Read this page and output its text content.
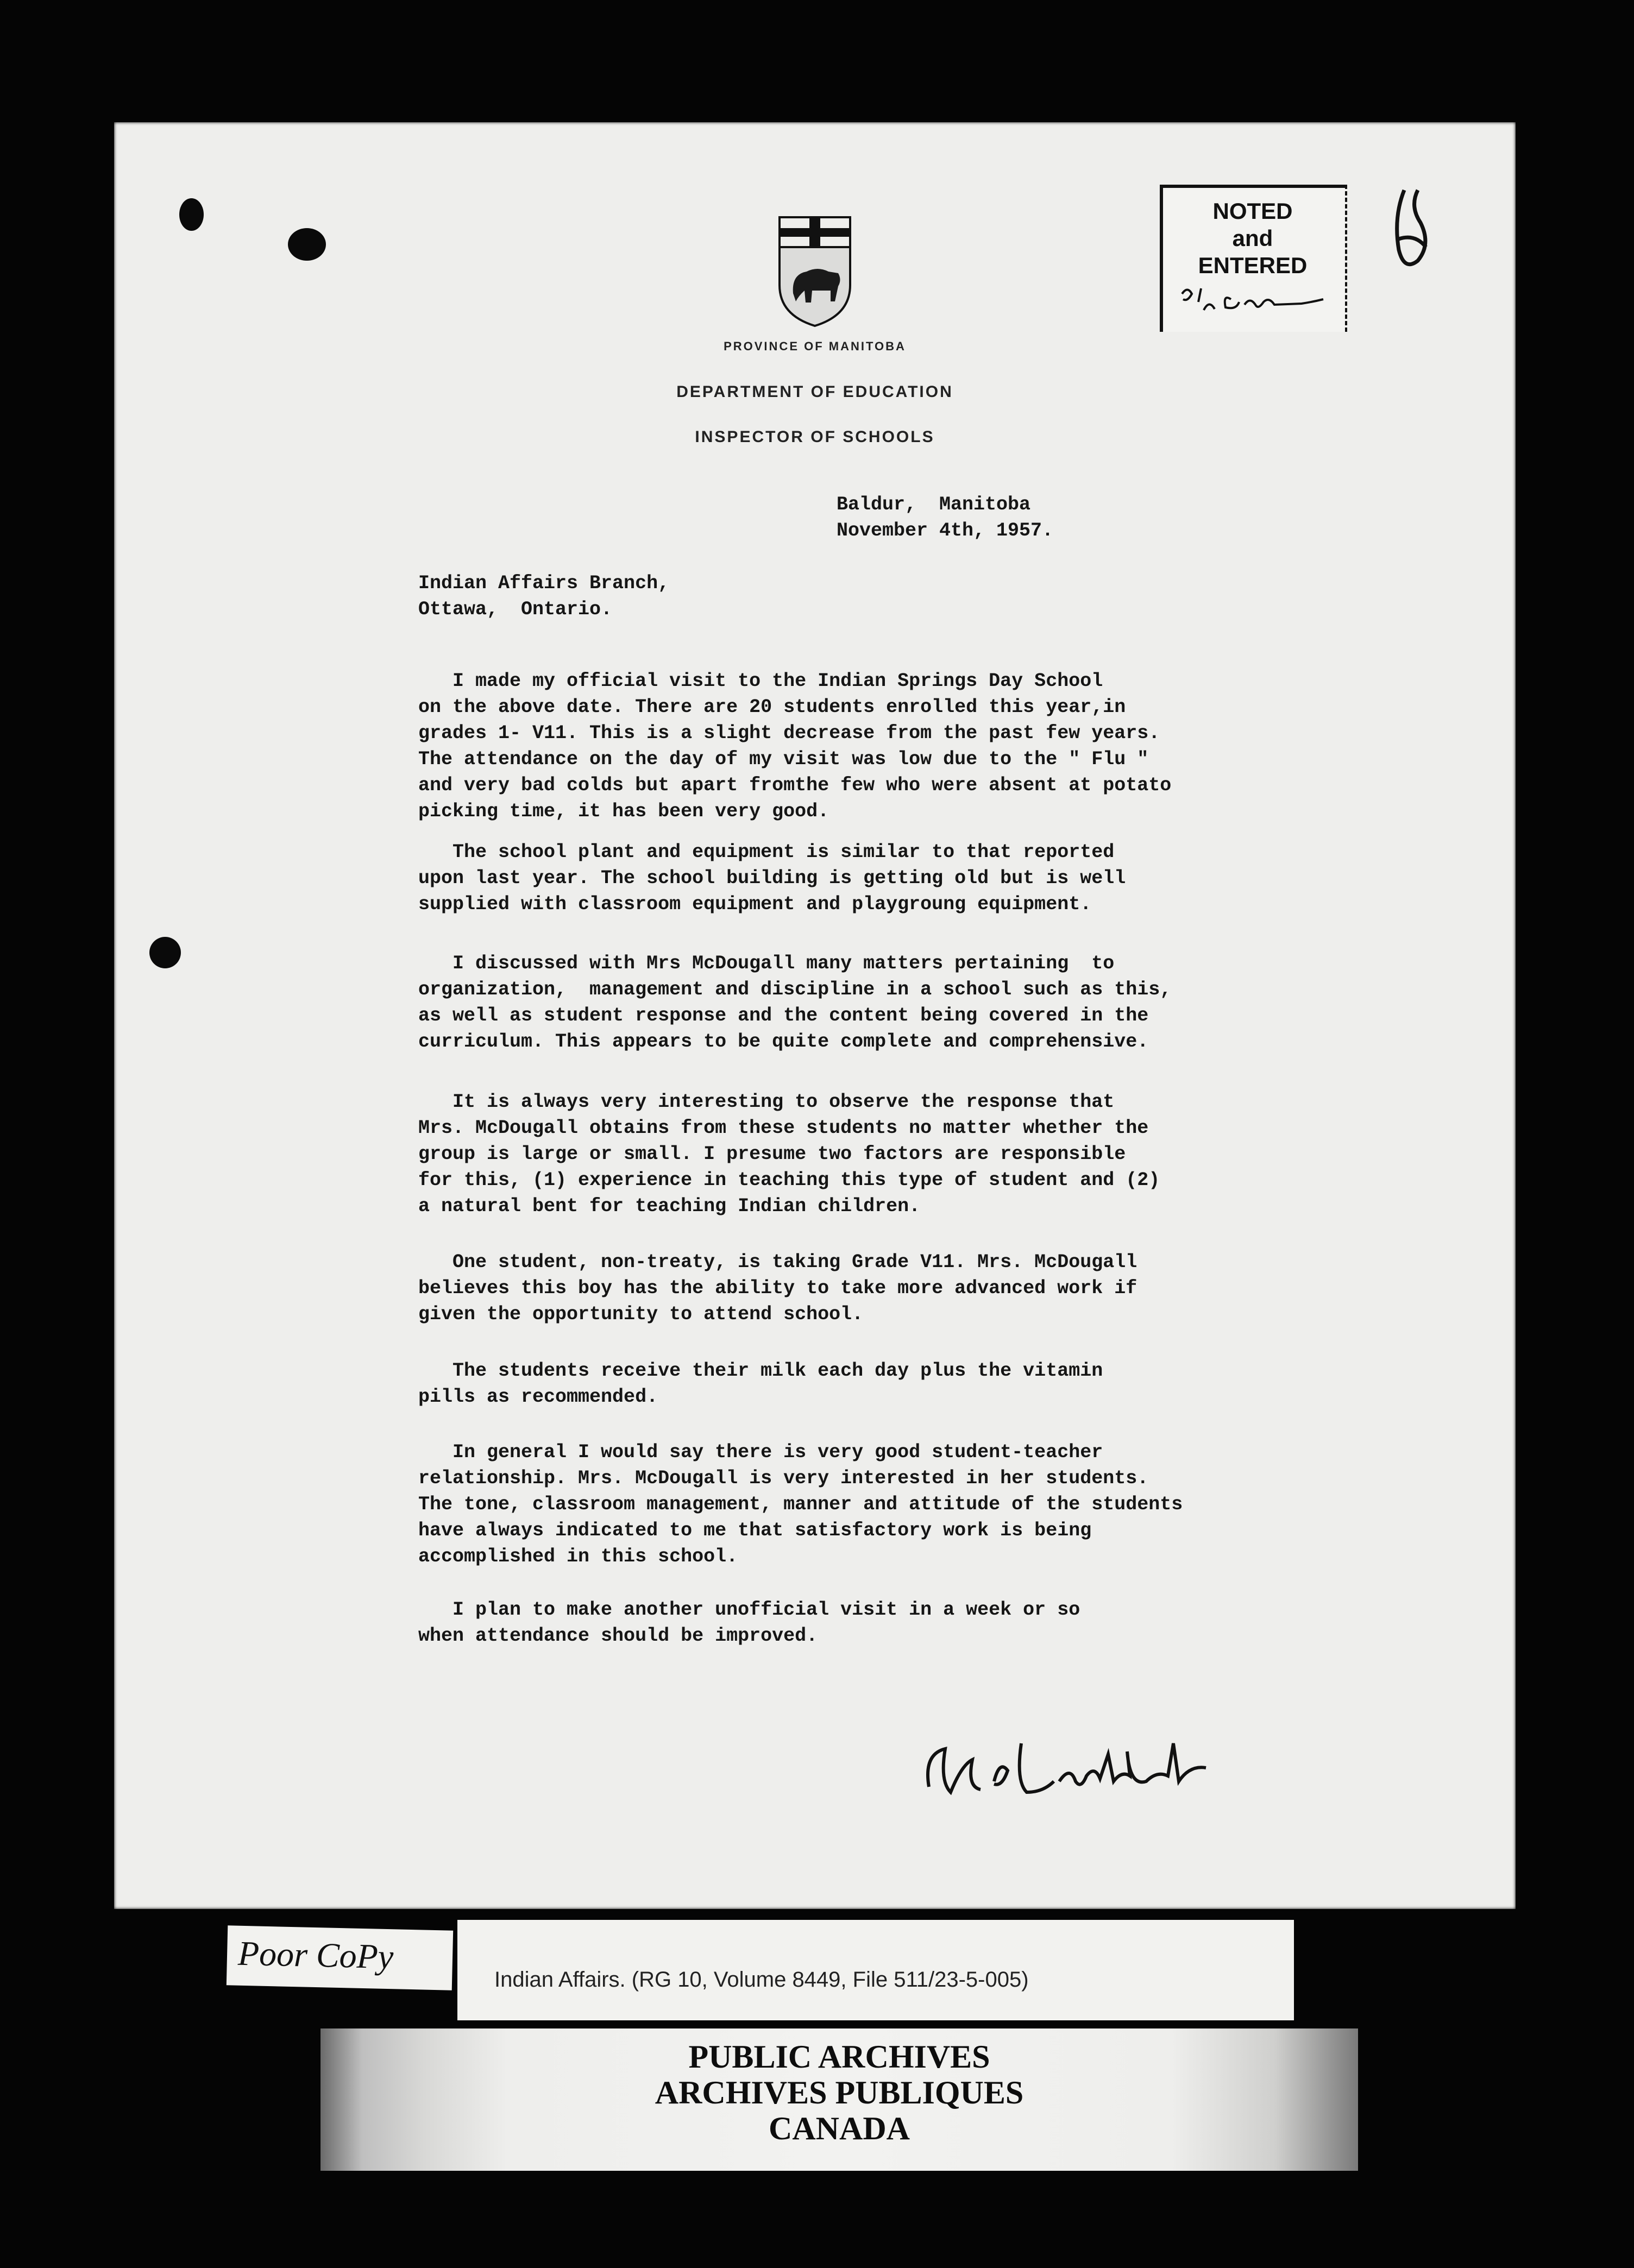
PROVINCE OF MANITOBA
DEPARTMENT OF EDUCATION
INSPECTOR OF SCHOOLS
NOTED
and
ENTERED
Baldur,  Manitoba
November 4th, 1957.
Indian Affairs Branch,
Ottawa,  Ontario.
I made my official visit to the Indian Springs Day School
on the above date. There are 20 students enrolled this year,in
grades 1- V11. This is a slight decrease from the past few years.
The attendance on the day of my visit was low due to the " Flu "
and very bad colds but apart fromthe few who were absent at potato
picking time, it has been very good.
The school plant and equipment is similar to that reported
upon last year. The school building is getting old but is well
supplied with classroom equipment and playgroung equipment.
I discussed with Mrs McDougall many matters pertaining  to
organization,  management and discipline in a school such as this,
as well as student response and the content being covered in the
curriculum. This appears to be quite complete and comprehensive.
It is always very interesting to observe the response that
Mrs. McDougall obtains from these students no matter whether the
group is large or small. I presume two factors are responsible
for this, (1) experience in teaching this type of student and (2)
a natural bent for teaching Indian children.
One student, non-treaty, is taking Grade V11. Mrs. McDougall
believes this boy has the ability to take more advanced work if
given the opportunity to attend school.
The students receive their milk each day plus the vitamin
pills as recommended.
In general I would say there is very good student-teacher
relationship. Mrs. McDougall is very interested in her students.
The tone, classroom management, manner and attitude of the students
have always indicated to me that satisfactory work is being
accomplished in this school.
I plan to make another unofficial visit in a week or so
when attendance should be improved.
Poor CoPy
Indian Affairs. (RG 10, Volume 8449, File 511/23-5-005)
PUBLIC ARCHIVES
ARCHIVES PUBLIQUES
CANADA
